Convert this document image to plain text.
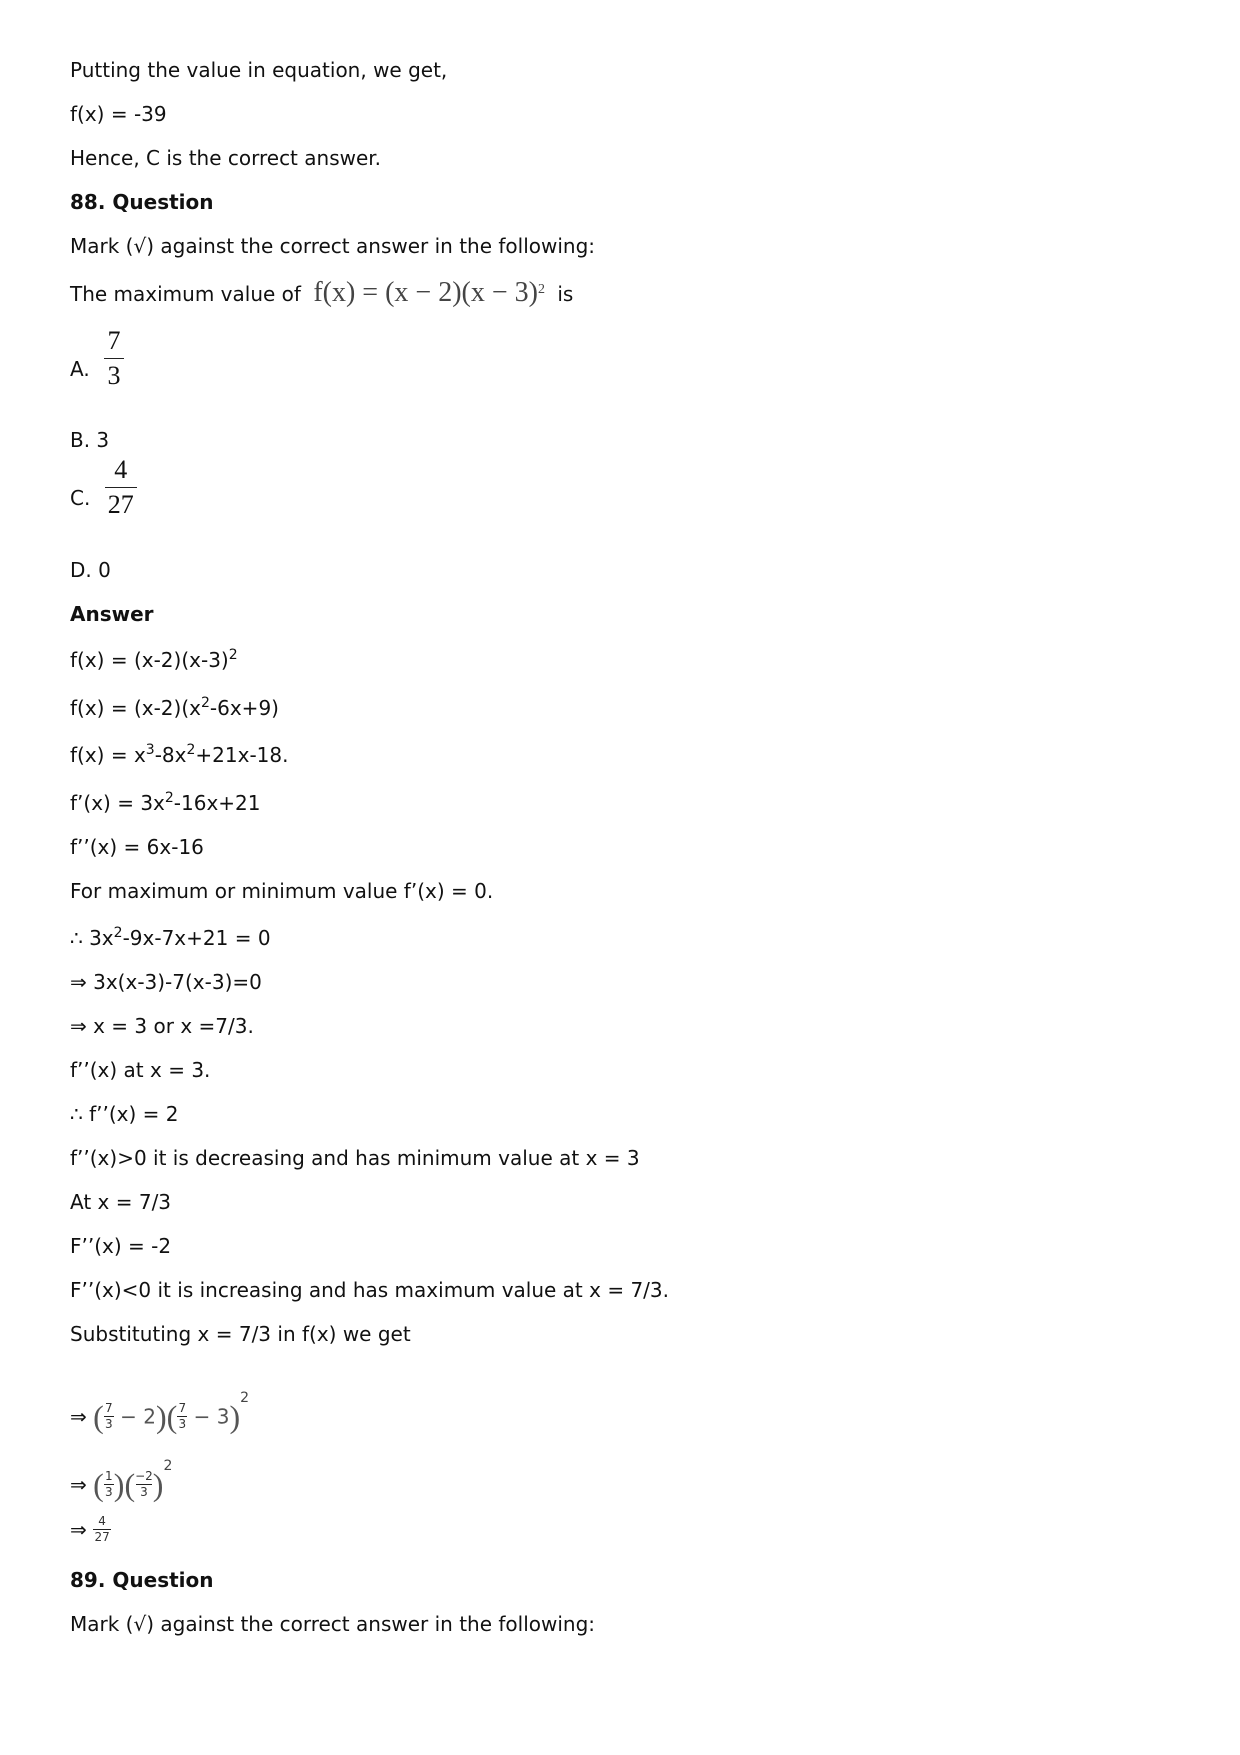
Putting the value in equation, we get,
f(x) = -39
Hence, C is the correct answer.
88. Question
Mark (√) against the correct answer in the following:
The maximum value of $f(x) = (x - 2)(x - 3)^2$ is
A. $\frac{7}{3}$
B. 3
C. $\frac{4}{27}$
D. 0
Answer
$f(x) = (x-2)(x-3)^2$
$f(x) = (x-2)(x^2-6x+9)$
$f(x) = x^3-8x^2+21x-18$.
f’(x) = $3x^2-16x+21$
f’’(x) = 6x-16
For maximum or minimum value f’(x) = 0.
∴ $3x^2-9x-7x+21 = 0$
⇒ 3x(x-3)-7(x-3)=0
⇒ x = 3 or x =7/3.
f’’(x) at x = 3.
∴ f’’(x) = 2
f’’(x)>0 it is decreasing and has minimum value at x = 3
At x = 7/3
F’’(x) = -2
F’’(x)<0 it is increasing and has maximum value at x = 7/3.
Substituting x = 7/3 in f(x) we get
⇒ ( $\frac{7}{3} - 2)( \frac{7}{3} - 3)^2$
⇒ ( $\frac{1}{3}$ )( $\frac{-2}{3} )^2$
⇒ $\frac{4}{27}$
89. Question
Mark (√) against the correct answer in the following:
